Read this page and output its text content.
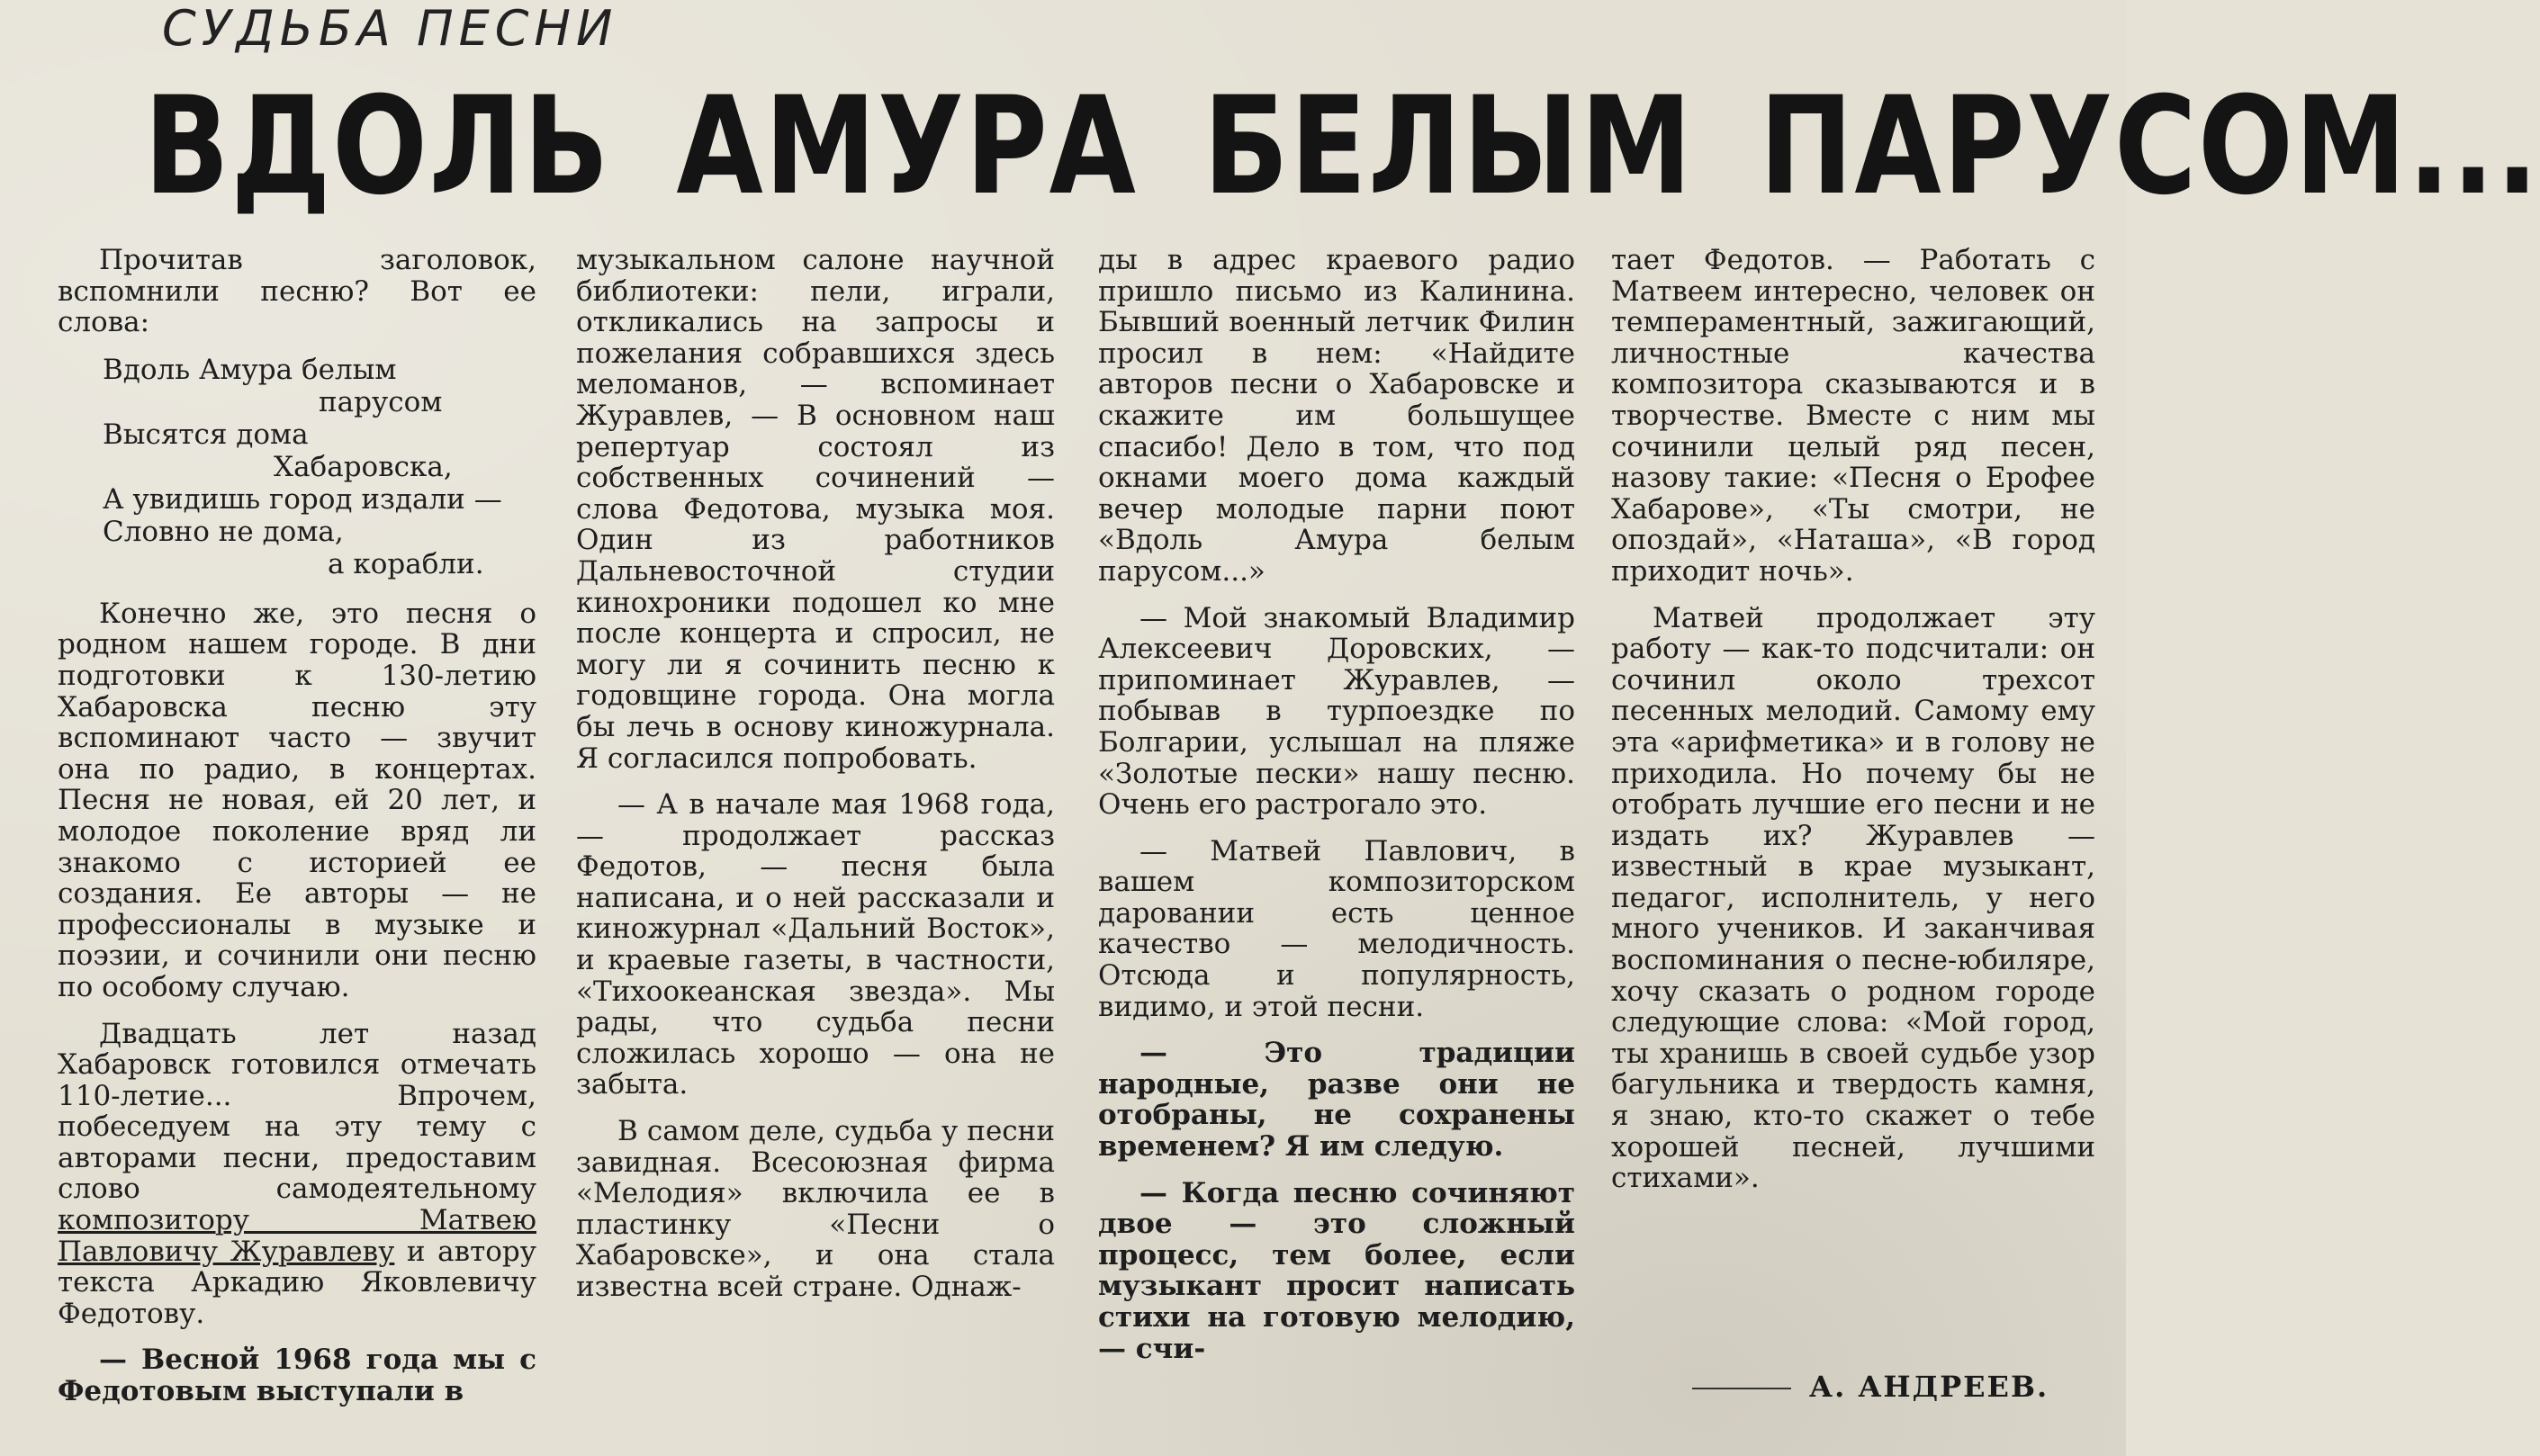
СУДЬБА ПЕСНИ
ВДОЛЬ АМУРА БЕЛЫМ ПАРУСОМ...

Прочитав заголовок, вспомнили песню? Вот ее слова:

Вдоль Амура белым
парусом
Высятся дома
Хабаровска,
А увидишь город издали —
Словно не дома,
а корабли.

Конечно же, это песня о родном нашем городе. В дни подготовки к 130-летию Хабаровска песню эту вспоминают часто — звучит она по радио, в концертах. Песня не новая, ей 20 лет, и молодое поколение вряд ли знакомо с историей ее создания. Ее авторы — не профессионалы в музыке и поэзии, и сочинили они песню по особому случаю.

Двадцать лет назад Хабаровск готовился отмечать 110-летие... Впрочем, побеседуем на эту тему с авторами песни, предоставим слово самодеятельному композитору Матвею Павловичу Журавлеву и автору текста Аркадию Яковлевичу Федотову.

— Весной 1968 года мы с Федотовым выступали в

музыкальном салоне научной библиотеки: пели, играли, откликались на запросы и пожелания собравшихся здесь меломанов, — вспоминает Журавлев, — В основном наш репертуар состоял из собственных сочинений — слова Федотова, музыка моя. Один из работников Дальневосточной студии кинохроники подошел ко мне после концерта и спросил, не могу ли я сочинить песню к годовщине города. Она могла бы лечь в основу киножурнала. Я согласился попробовать.

— А в начале мая 1968 года, — продолжает рассказ Федотов, — песня была написана, и о ней рассказали и киножурнал «Дальний Восток», и краевые газеты, в частности, «Тихоокеанская звезда». Мы рады, что судьба песни сложилась хорошо — она не забыта.

В самом деле, судьба у песни завидная. Всесоюзная фирма «Мелодия» включила ее в пластинку «Песни о Хабаровске», и она стала известна всей стране. Однаж-

ды в адрес краевого радио пришло письмо из Калинина. Бывший военный летчик Филин просил в нем: «Найдите авторов песни о Хабаровске и скажите им большущее спасибо! Дело в том, что под окнами моего дома каждый вечер молодые парни поют «Вдоль Амура белым парусом...»

— Мой знакомый Владимир Алексеевич Доровских, — припоминает Журавлев, — побывав в турпоездке по Болгарии, услышал на пляже «Золотые пески» нашу песню. Очень его растрогало это.

— Матвей Павлович, в вашем композиторском даровании есть ценное качество — мелодичность. Отсюда и популярность, видимо, и этой песни.

— Это традиции народные, разве они не отобраны, не сохранены временем? Я им следую.

— Когда песню сочиняют двое — это сложный процесс, тем более, если музыкант просит написать стихи на готовую мелодию, — счи-

тает Федотов. — Работать с Матвеем интересно, человек он темпераментный, зажигающий, личностные качества композитора сказываются и в творчестве. Вместе с ним мы сочинили целый ряд песен, назову такие: «Песня о Ерофее Хабарове», «Ты смотри, не опоздай», «Наташа», «В город приходит ночь».

Матвей продолжает эту работу — как-то подсчитали: он сочинил около трехсот песенных мелодий. Самому ему эта «арифметика» и в голову не приходила. Но почему бы не отобрать лучшие его песни и не издать их? Журавлев — известный в крае музыкант, педагог, исполнитель, у него много учеников. И заканчивая воспоминания о песне-юбиляре, хочу сказать о родном городе следующие слова: «Мой город, ты хранишь в своей судьбе узор багульника и твердость камня, я знаю, кто-то скажет о тебе хорошей песней, лучшими стихами».

А. АНДРЕЕВ.
